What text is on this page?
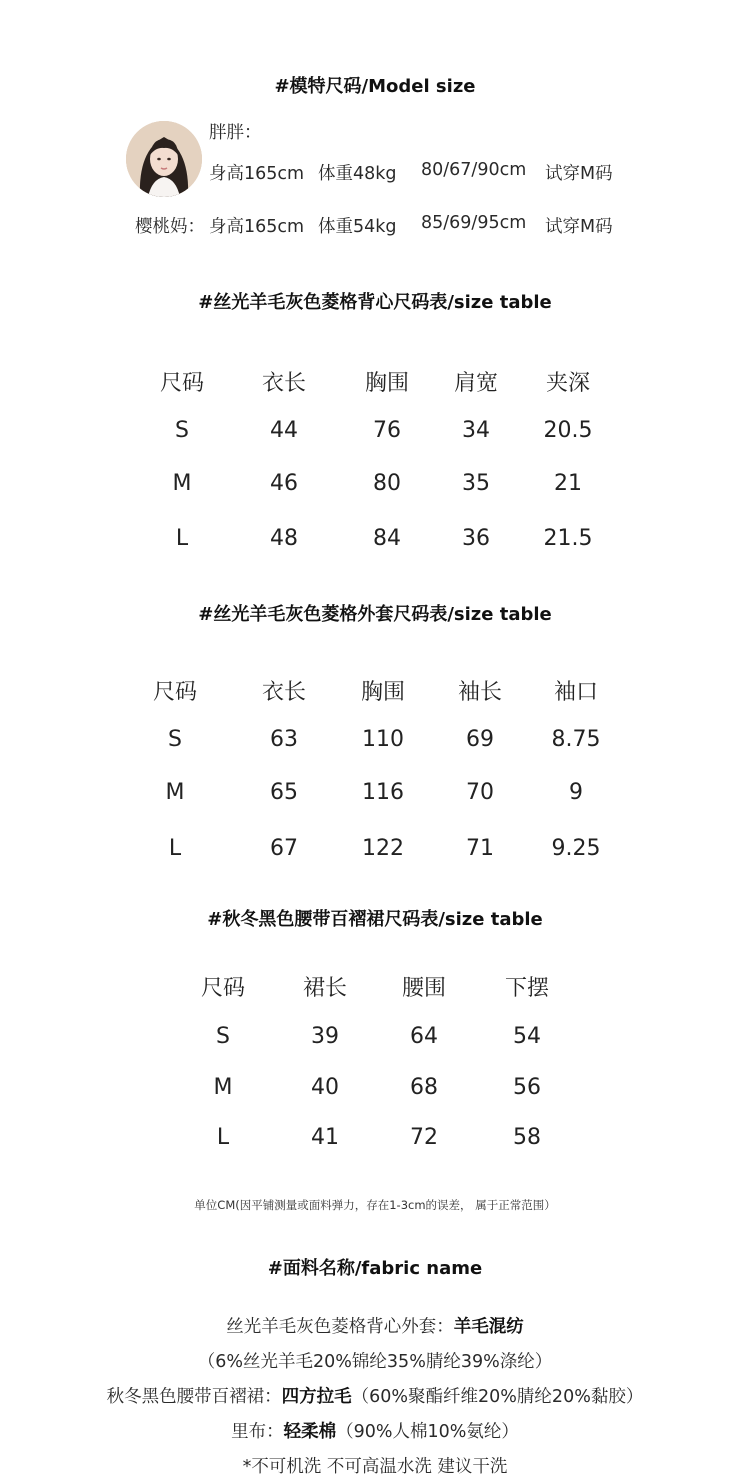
#模特尺码/Model size
胖胖：
身高165cm 体重48kg 80/67/90cm 试穿M码
樱桃妈： 身高165cm 体重54kg 85/69/95cm 试穿M码
#丝光羊毛灰色菱格背心尺码表/size table
尺码	衣长	胸围 肩宽 夹深
S	44	76	34 20.5
M	46	80	35	21
L	48	84	36 21.5
#丝光羊毛灰色菱格外套尺码表/size table
尺码	衣长 胸围 袖长 袖口
S	63	110	69	8.75
M	65	116	70	9
L	67	122	71	9.25
#秋冬黑色腰带百褶裙尺码表/size table
尺码	裙长 腰围	下摆
S	39	64	54
M	40	68	56
L	41	72	58
单位CM(因平铺测量或面料弹力，存在1-3cm的误差， 属于正常范围）
#面料名称/fabric name
丝光羊毛灰色菱格背心外套：羊毛混纺
（6%丝光羊毛20%锦纶35%腈纶39%涤纶）
秋冬黑色腰带百褶裙：四方拉毛（60%聚酯纤维20%腈纶20%黏胶）
里布：轻柔棉（90%人棉10%氨纶）
*不可机洗 不可高温水洗 建议干洗
